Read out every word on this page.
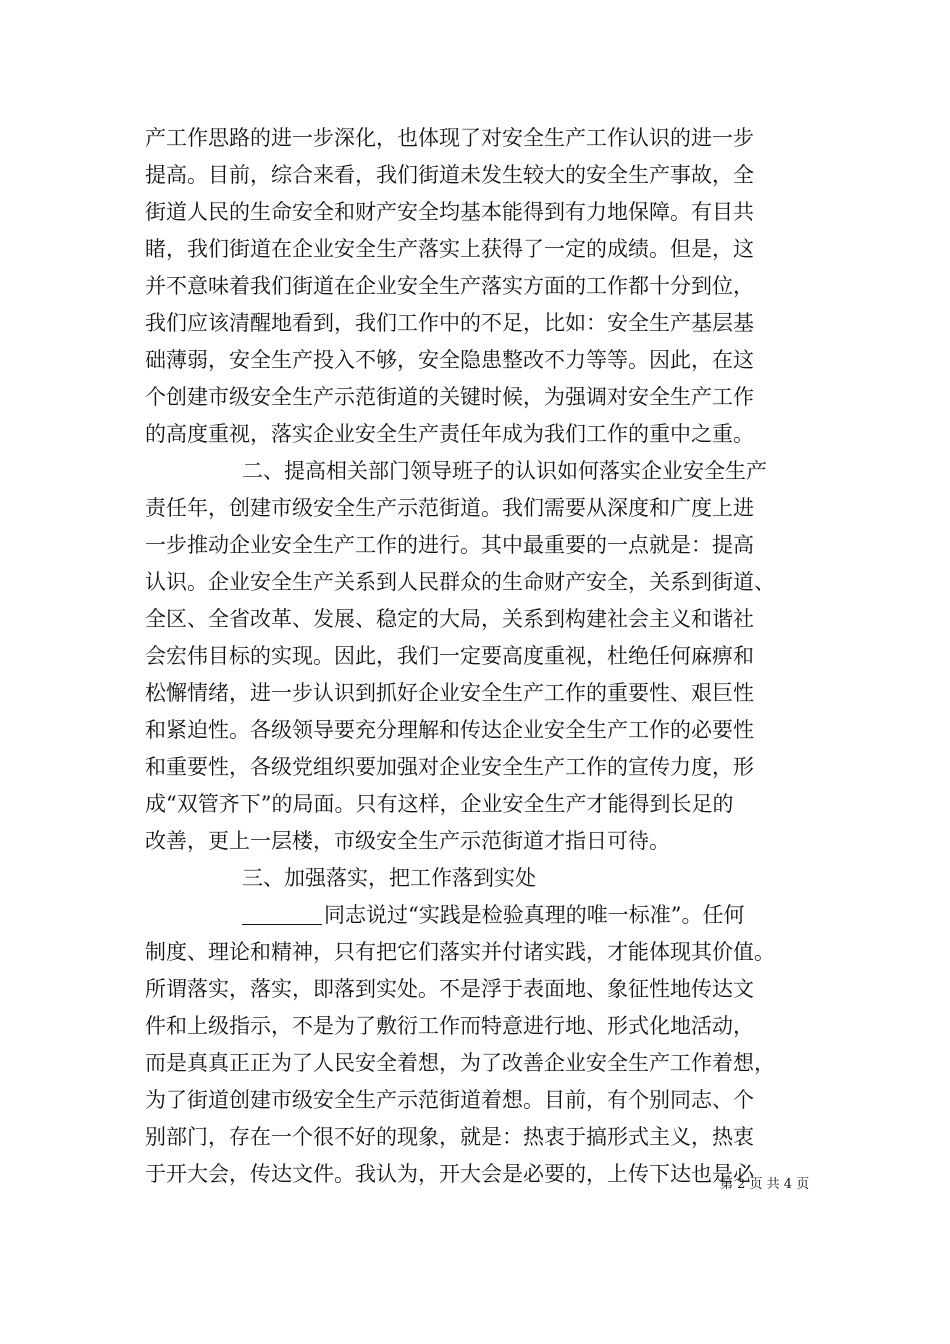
产工作思路的进一步深化，也体现了对安全生产工作认识的进一步
提高。目前，综合来看，我们街道未发生较大的安全生产事故，全
街道人民的生命安全和财产安全均基本能得到有力地保障。有目共
睹，我们街道在企业安全生产落实上获得了一定的成绩。但是，这
并不意味着我们街道在企业安全生产落实方面的工作都十分到位，
我们应该清醒地看到，我们工作中的不足，比如：安全生产基层基
础薄弱，安全生产投入不够，安全隐患整改不力等等。因此，在这
个创建市级安全生产示范街道的关键时候，为强调对安全生产工作
的高度重视，落实企业安全生产责任年成为我们工作的重中之重。
二、提高相关部门领导班子的认识如何落实企业安全生产
责任年，创建市级安全生产示范街道。我们需要从深度和广度上进
一步推动企业安全生产工作的进行。其中最重要的一点就是：提高
认识。企业安全生产关系到人民群众的生命财产安全，关系到街道、
全区、全省改革、发展、稳定的大局，关系到构建社会主义和谐社
会宏伟目标的实现。因此，我们一定要高度重视，杜绝任何麻痹和
松懈情绪，进一步认识到抓好企业安全生产工作的重要性、艰巨性
和紧迫性。各级领导要充分理解和传达企业安全生产工作的必要性
和重要性，各级党组织要加强对企业安全生产工作的宣传力度，形
成“双管齐下”的局面。只有这样，企业安全生产才能得到长足的
改善，更上一层楼，市级安全生产示范街道才指日可待。
三、加强落实，把工作落到实处
同志说过“实践是检验真理的唯一标准”。任何
制度、理论和精神，只有把它们落实并付诸实践，才能体现其价值。
所谓落实，落实，即落到实处。不是浮于表面地、象征性地传达文
件和上级指示，不是为了敷衍工作而特意进行地、形式化地活动，
而是真真正正为了人民安全着想，为了改善企业安全生产工作着想，
为了街道创建市级安全生产示范街道着想。目前，有个别同志、个
别部门，存在一个很不好的现象，就是：热衷于搞形式主义，热衷
于开大会，传达文件。我认为，开大会是必要的，上传下达也是必
第 2 页 共 4 页
